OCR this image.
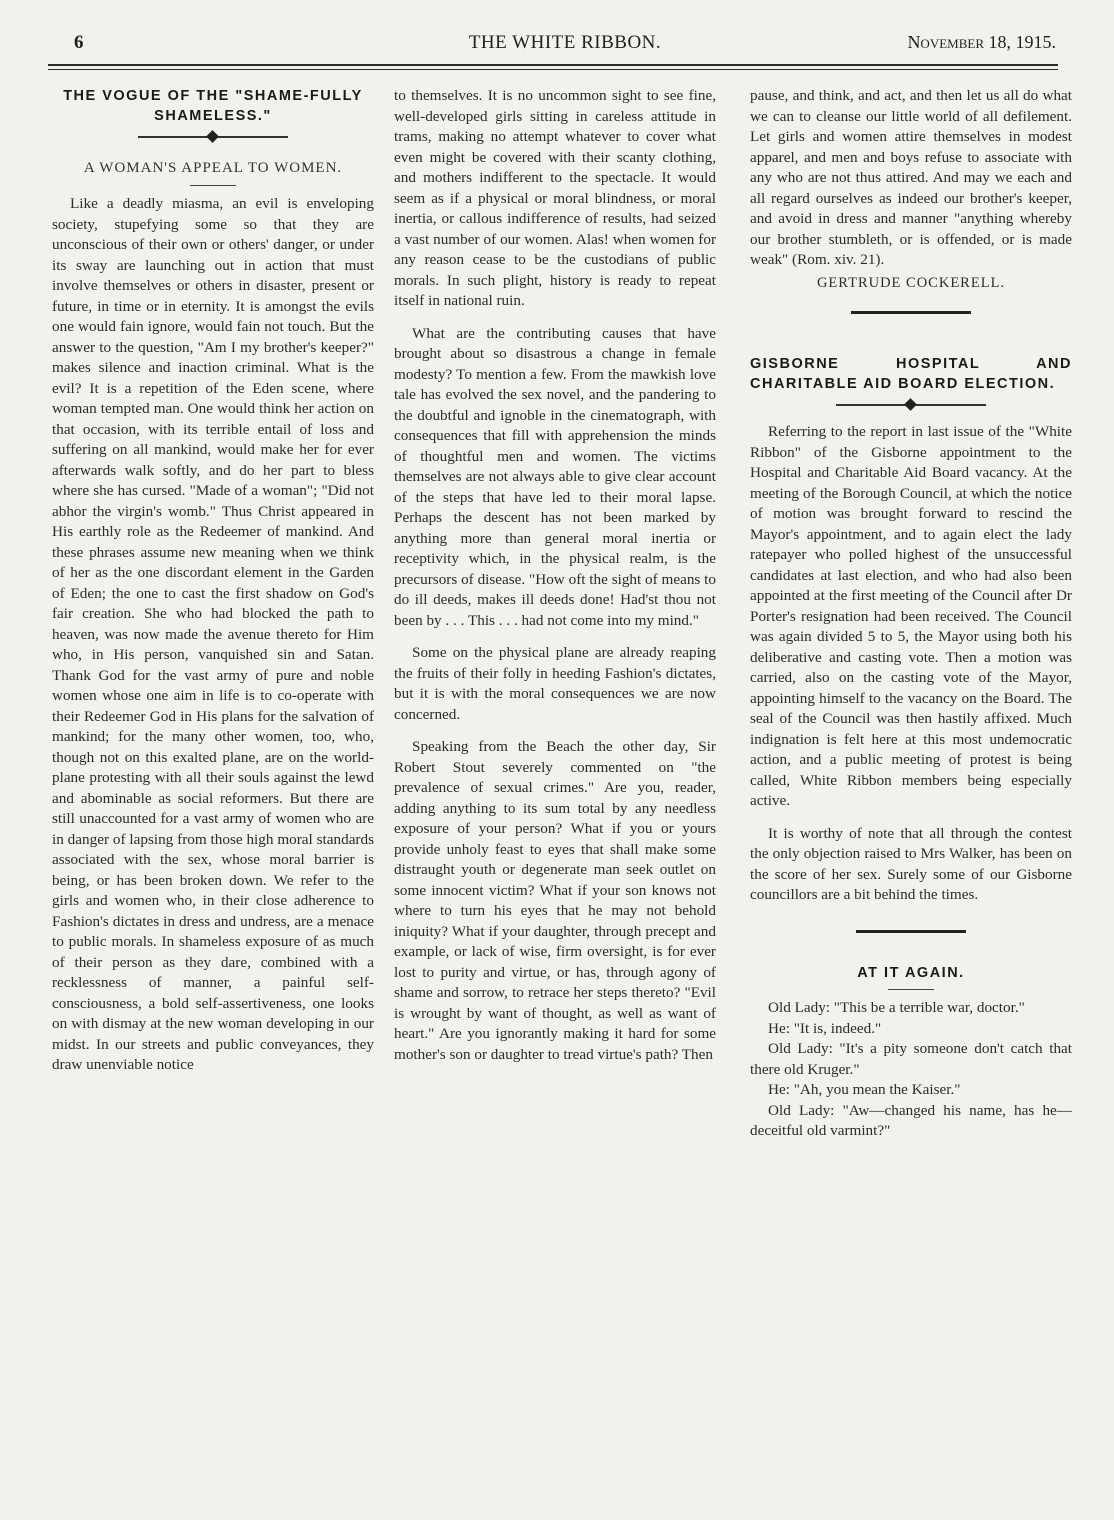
6	THE WHITE RIBBON.	November 18, 1915.
THE VOGUE OF THE "SHAME-FULLY SHAMELESS."
A WOMAN'S APPEAL TO WOMEN.

Like a deadly miasma, an evil is enveloping society, stupefying some so that they are unconscious of their own or others' danger, or under its sway are launching out in action that must involve themselves or others in disaster, present or future, in time or in eternity. It is amongst the evils one would fain ignore, would fain not touch. But the answer to the question, "Am I my brother's keeper?" makes silence and inaction criminal. What is the evil? It is a repetition of the Eden scene, where woman tempted man. One would think her action on that occasion, with its terrible entail of loss and suffering on all mankind, would make her for ever afterwards walk softly, and do her part to bless where she has cursed. "Made of a woman"; "Did not abhor the virgin's womb." Thus Christ appeared in His earthly role as the Redeemer of mankind. And these phrases assume new meaning when we think of her as the one discordant element in the Garden of Eden; the one to cast the first shadow on God's fair creation. She who had blocked the path to heaven, was now made the avenue thereto for Him who, in His person, vanquished sin and Satan. Thank God for the vast army of pure and noble women whose one aim in life is to co-operate with their Redeemer God in His plans for the salvation of mankind; for the many other women, too, who, though not on this exalted plane, are on the world-plane protesting with all their souls against the lewd and abominable as social reformers. But there are still unaccounted for a vast army of women who are in danger of lapsing from those high moral standards associated with the sex, whose moral barrier is being, or has been broken down. We refer to the girls and women who, in their close adherence to Fashion's dictates in dress and undress, are a menace to public morals. In shameless exposure of as much of their person as they dare, combined with a recklessness of manner, a painful self-consciousness, a bold self-assertiveness, one looks on with dismay at the new woman developing in our midst. In our streets and public conveyances, they draw unenviable notice

to themselves. It is no uncommon sight to see fine, well-developed girls sitting in careless attitude in trams, making no attempt whatever to cover what even might be covered with their scanty clothing, and mothers indifferent to the spectacle. It would seem as if a physical or moral blindness, or moral inertia, or callous indifference of results, had seized a vast number of our women. Alas! when women for any reason cease to be the custodians of public morals. In such plight, history is ready to repeat itself in national ruin.

What are the contributing causes that have brought about so disastrous a change in female modesty? To mention a few. From the mawkish love tale has evolved the sex novel, and the pandering to the doubtful and ignoble in the cinematograph, with consequences that fill with apprehension the minds of thoughtful men and women. The victims themselves are not always able to give clear account of the steps that have led to their moral lapse. Perhaps the descent has not been marked by anything more than general moral inertia or receptivity which, in the physical realm, is the precursors of disease. "How oft the sight of means to do ill deeds, makes ill deeds done! Had'st thou not been by . . . This . . . had not come into my mind."

Some on the physical plane are already reaping the fruits of their folly in heeding Fashion's dictates, but it is with the moral consequences we are now concerned.

Speaking from the Beach the other day, Sir Robert Stout severely commented on "the prevalence of sexual crimes." Are you, reader, adding anything to its sum total by any needless exposure of your person? What if you or yours provide unholy feast to eyes that shall make some distraught youth or degenerate man seek outlet on some innocent victim? What if your son knows not where to turn his eyes that he may not behold iniquity? What if your daughter, through precept and example, or lack of wise, firm oversight, is for ever lost to purity and virtue, or has, through agony of shame and sorrow, to retrace her steps thereto? "Evil is wrought by want of thought, as well as want of heart." Are you ignorantly making it hard for some mother's son or daughter to tread virtue's path? Then

pause, and think, and act, and then let us all do what we can to cleanse our little world of all defilement. Let girls and women attire themselves in modest apparel, and men and boys refuse to associate with any who are not thus attired. And may we each and all regard ourselves as indeed our brother's keeper, and avoid in dress and manner "anything whereby our brother stumbleth, or is offended, or is made weak" (Rom. xiv. 21).

GERTRUDE COCKERELL.
GISBORNE HOSPITAL AND CHARITABLE AID BOARD ELECTION.

Referring to the report in last issue of the "White Ribbon" of the Gisborne appointment to the Hospital and Charitable Aid Board vacancy. At the meeting of the Borough Council, at which the notice of motion was brought forward to rescind the Mayor's appointment, and to again elect the lady ratepayer who polled highest of the unsuccessful candidates at last election, and who had also been appointed at the first meeting of the Council after Dr Porter's resignation had been received. The Council was again divided 5 to 5, the Mayor using both his deliberative and casting vote. Then a motion was carried, also on the casting vote of the Mayor, appointing himself to the vacancy on the Board. The seal of the Council was then hastily affixed. Much indignation is felt here at this most undemocratic action, and a public meeting of protest is being called, White Ribbon members being especially active.

It is worthy of note that all through the contest the only objection raised to Mrs Walker, has been on the score of her sex. Surely some of our Gisborne councillors are a bit behind the times.

AT IT AGAIN.

Old Lady: "This be a terrible war, doctor."

He: "It is, indeed."

Old Lady: "It's a pity someone don't catch that there old Kruger."

He: "Ah, you mean the Kaiser."

Old Lady: "Aw—changed his name, has he—deceitful old varmint?"
